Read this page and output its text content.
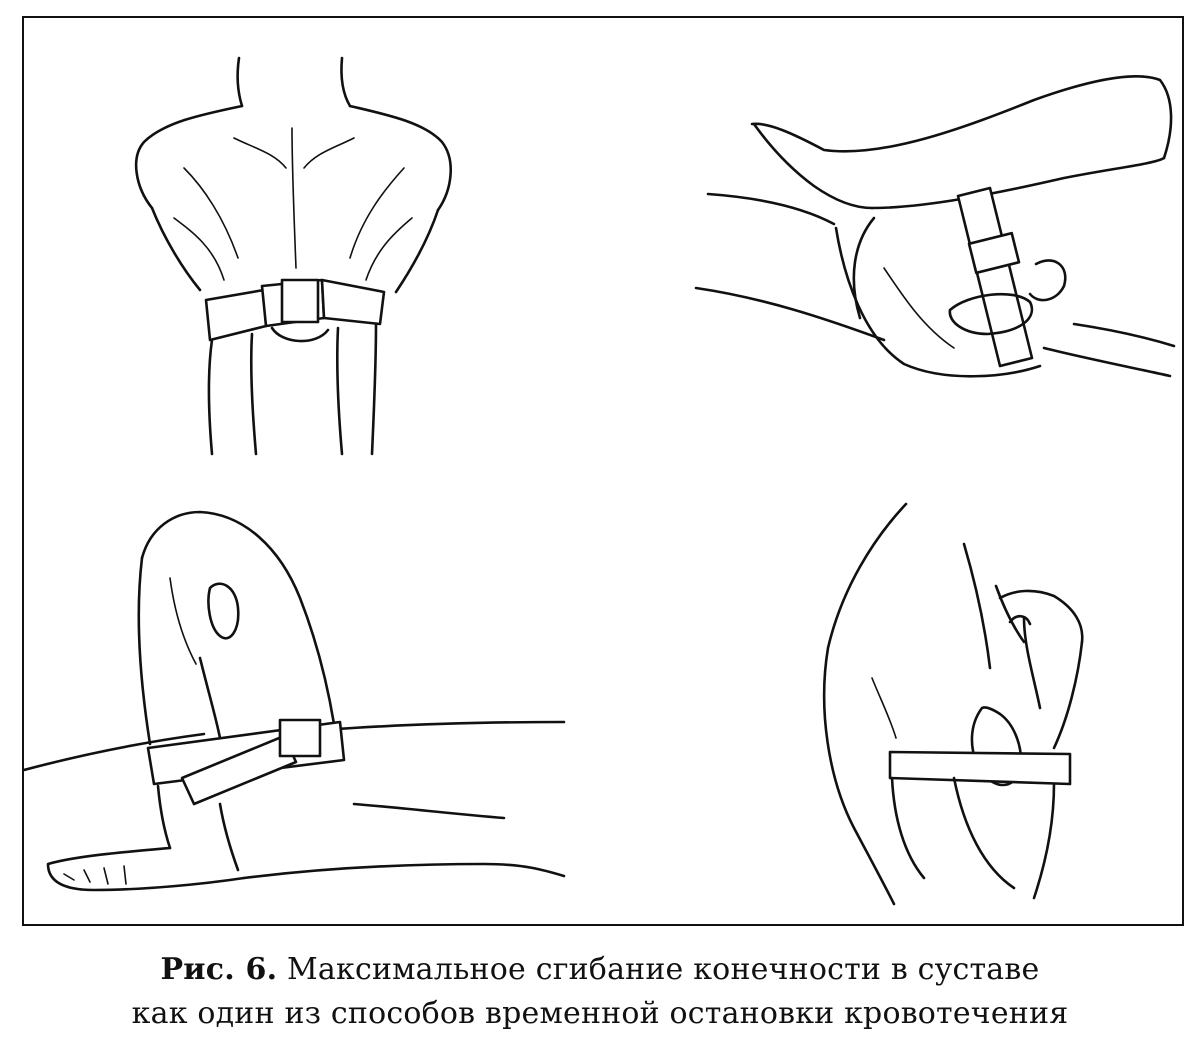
Рис. 6. Максимальное сгибание конечности в суставе
как один из способов временной остановки кровотечения
